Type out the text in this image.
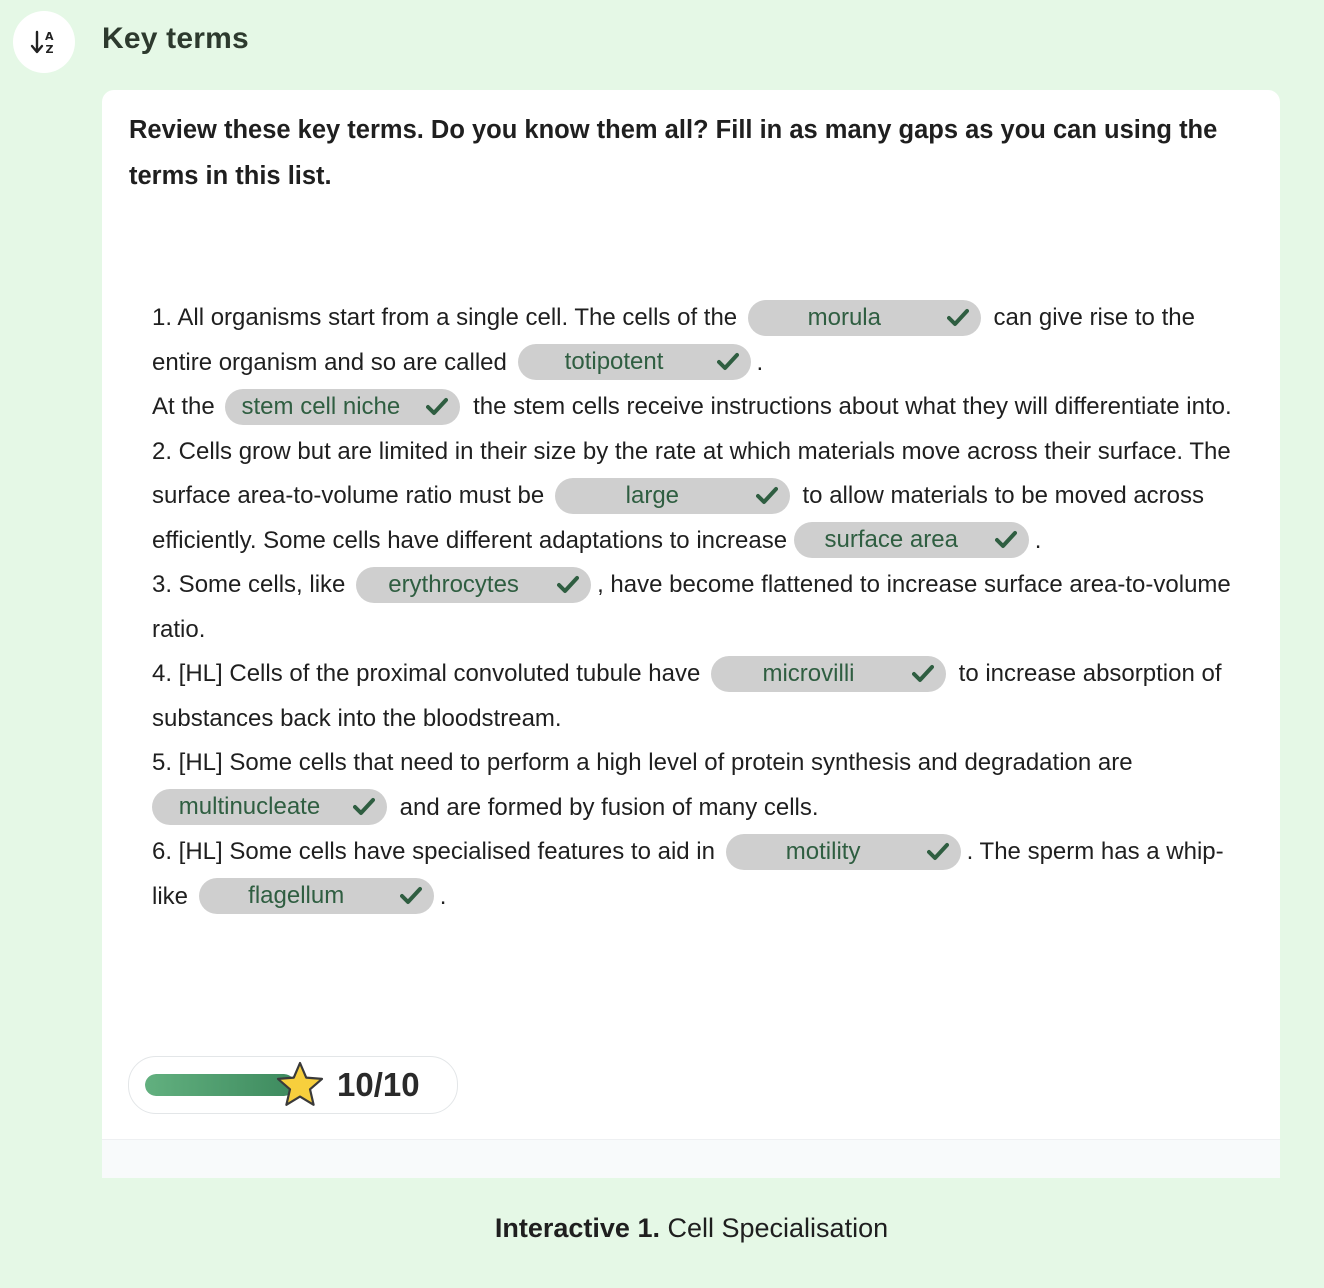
A
Z Key terms
Review these key terms. Do you know them all? Fill in as many gaps as you can using the terms in this list.
1. All organisms start from a single cell. The cells of the	morula	can give rise to the entire organism and so are called totipotent	.
At the stem cell niche	the stem cells receive instructions about what they will differentiate into.
2. Cells grow but are limited in their size by the rate at which materials move across their surface. The surface area-to-volume ratio must be	large	to allow materials to be moved across efficiently. Some cells have different adaptations to increase surface area	.
3. Some cells, like erythrocytes	, have become flattened to increase surface area-to-volume ratio.
4. [HL] Cells of the proximal convoluted tubule have	microvilli	to increase absorption of substances back into the bloodstream.
5. [HL] Some cells that need to perform a high level of protein synthesis and degradation are multinucleate	and are formed by fusion of many cells.
6. [HL] Some cells have specialised features to aid in	motility	. The sperm has a whip-like	flagellum	.
10/10
Interactive 1. Cell Specialisation
